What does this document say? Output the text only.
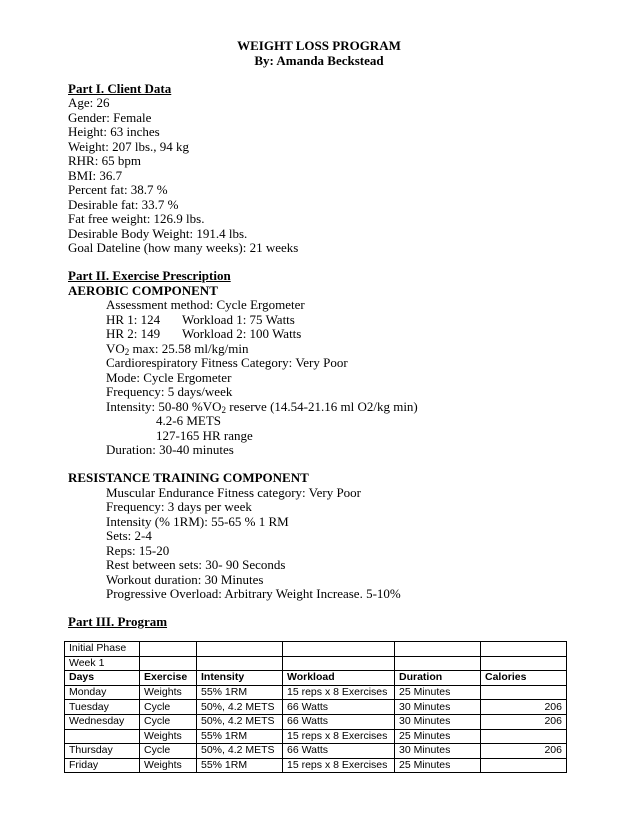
WEIGHT LOSS PROGRAM
By: Amanda Beckstead
Part I. Client Data
Age: 26
Gender: Female
Height: 63 inches
Weight: 207 lbs., 94 kg
RHR: 65 bpm
BMI: 36.7
Percent fat: 38.7 %
Desirable fat: 33.7 %
Fat free weight: 126.9 lbs.
Desirable Body Weight: 191.4 lbs.
Goal Dateline (how many weeks): 21 weeks
Part II. Exercise Prescription
AEROBIC COMPONENT
Assessment method: Cycle Ergometer
HR 1: 124 Workload 1: 75 Watts
HR 2: 149 Workload 2: 100 Watts
$VO_2$ max: 25.58 ml/kg/min
Cardiorespiratory Fitness Category: Very Poor
Mode: Cycle Ergometer
Frequency: 5 days/week
Intensity: 50-80 $\%VO_2$ reserve (14.54-21.16 ml O2/kg min)
4.2-6 METS
127-165 HR range
Duration: 30-40 minutes
RESISTANCE TRAINING COMPONENT
Muscular Endurance Fitness category: Very Poor
Frequency: 3 days per week
Intensity (% 1RM): 55-65 % 1 RM
Sets: 2-4
Reps: 15-20
Rest between sets: 30- 90 Seconds
Workout duration: 30 Minutes
Progressive Overload: Arbitrary Weight Increase. 5-10%
Part III. Program
Initial Phase					
Week 1					
Days	Exercise	Intensity	Workload	Duration	Calories
Monday	Weights	55% 1RM	15 reps x 8 Exercises	25 Minutes	
Tuesday	Cycle	50%, 4.2 METS	66 Watts	30 Minutes	206
Wednesday	Cycle	50%, 4.2 METS	66 Watts	30 Minutes	206
	Weights	55% 1RM	15 reps x 8 Exercises	25 Minutes	
Thursday	Cycle	50%, 4.2 METS	66 Watts	30 Minutes	206
Friday	Weights	55% 1RM	15 reps x 8 Exercises	25 Minutes	
